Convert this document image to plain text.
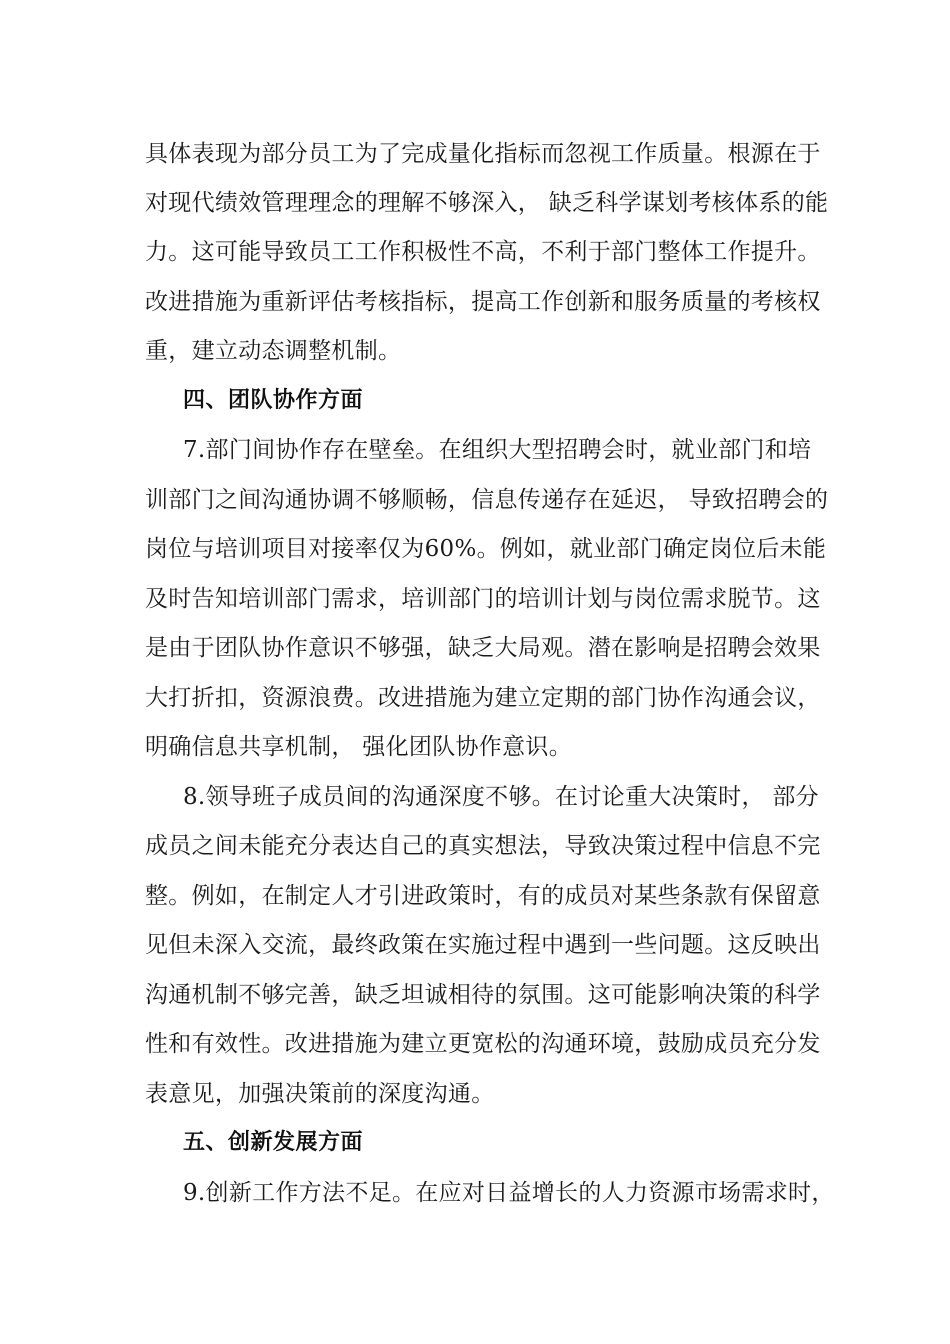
具体表现为部分员工为了完成量化指标而忽视工作质量。根源在于
对现代绩效管理理念的理解不够深入， 缺乏科学谋划考核体系的能
力。这可能导致员工工作积极性不高，不利于部门整体工作提升。
改进措施为重新评估考核指标，提高工作创新和服务质量的考核权
重，建立动态调整机制。
四、团队协作方面
7.部门间协作存在壁垒。在组织大型招聘会时，就业部门和培
训部门之间沟通协调不够顺畅，信息传递存在延迟， 导致招聘会的
岗位与培训项目对接率仅为60%。例如，就业部门确定岗位后未能
及时告知培训部门需求，培训部门的培训计划与岗位需求脱节。这
是由于团队协作意识不够强，缺乏大局观。潜在影响是招聘会效果
大打折扣，资源浪费。改进措施为建立定期的部门协作沟通会议，
明确信息共享机制， 强化团队协作意识。
8.领导班子成员间的沟通深度不够。在讨论重大决策时， 部分
成员之间未能充分表达自己的真实想法，导致决策过程中信息不完
整。例如，在制定人才引进政策时，有的成员对某些条款有保留意
见但未深入交流，最终政策在实施过程中遇到一些问题。这反映出
沟通机制不够完善，缺乏坦诚相待的氛围。这可能影响决策的科学
性和有效性。改进措施为建立更宽松的沟通环境，鼓励成员充分发
表意见，加强决策前的深度沟通。
五、创新发展方面
9.创新工作方法不足。在应对日益增长的人力资源市场需求时，
